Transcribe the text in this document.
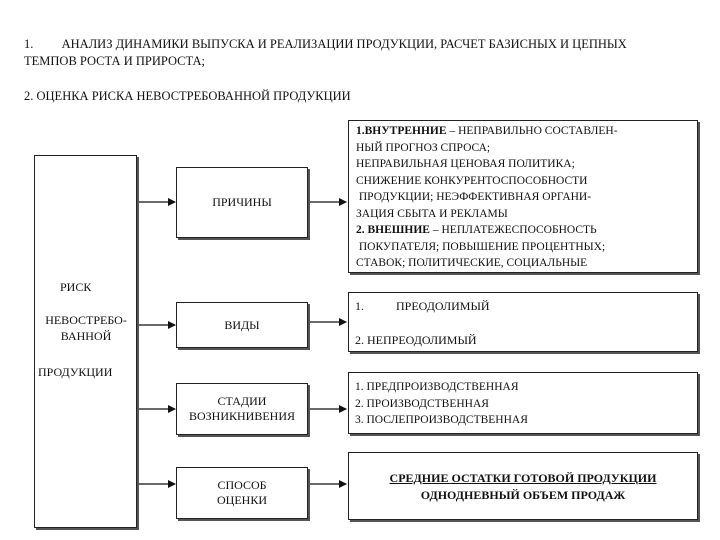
1. АНАЛИЗ ДИНАМИКИ ВЫПУСКА И РЕАЛИЗАЦИИ ПРОДУКЦИИ, РАСЧЕТ БАЗИСНЫХ И ЦЕПНЫХ
ТЕМПОВ РОСТА И ПРИРОСТА;
2. ОЦЕНКА РИСКА НЕВОСТРЕБОВАННОЙ ПРОДУКЦИИ
РИСК
НЕВОСТРЕБО-
ВАННОЙ
ПРОДУКЦИИ
ПРИЧИНЫ
ВИДЫ
СТАДИИ
ВОЗНИКНИВЕНИЯ
СПОСОБ
ОЦЕНКИ
1.ВНУТРЕННИЕ – НЕПРАВИЛЬНО СОСТАВЛЕН-
НЫЙ ПРОГНОЗ СПРОСА;
НЕПРАВИЛЬНАЯ ЦЕНОВАЯ ПОЛИТИКА;
СНИЖЕНИЕ КОНКУРЕНТОСПОСОБНОСТИ
ПРОДУКЦИИ; НЕЭФФЕКТИВНАЯ ОРГАНИ-
ЗАЦИЯ СБЫТА И РЕКЛАМЫ
2. ВНЕШНИЕ – НЕПЛАТЕЖЕСПОСОБНОСТЬ
ПОКУПАТЕЛЯ; ПОВЫШЕНИЕ ПРОЦЕНТНЫХ;
СТАВОК; ПОЛИТИЧЕСКИЕ, СОЦИАЛЬНЫЕ
1.	ПРЕОДОЛИМЫЙ
2. НЕПРЕОДОЛИМЫЙ
1. ПРЕДПРОИЗВОДСТВЕННАЯ
2. ПРОИЗВОДСТВЕННАЯ
3. ПОСЛЕПРОИЗВОДСТВЕННАЯ
СРЕДНИЕ ОСТАТКИ ГОТОВОЙ ПРОДУКЦИИ
ОДНОДНЕВНЫЙ ОБЪЕМ ПРОДАЖ
